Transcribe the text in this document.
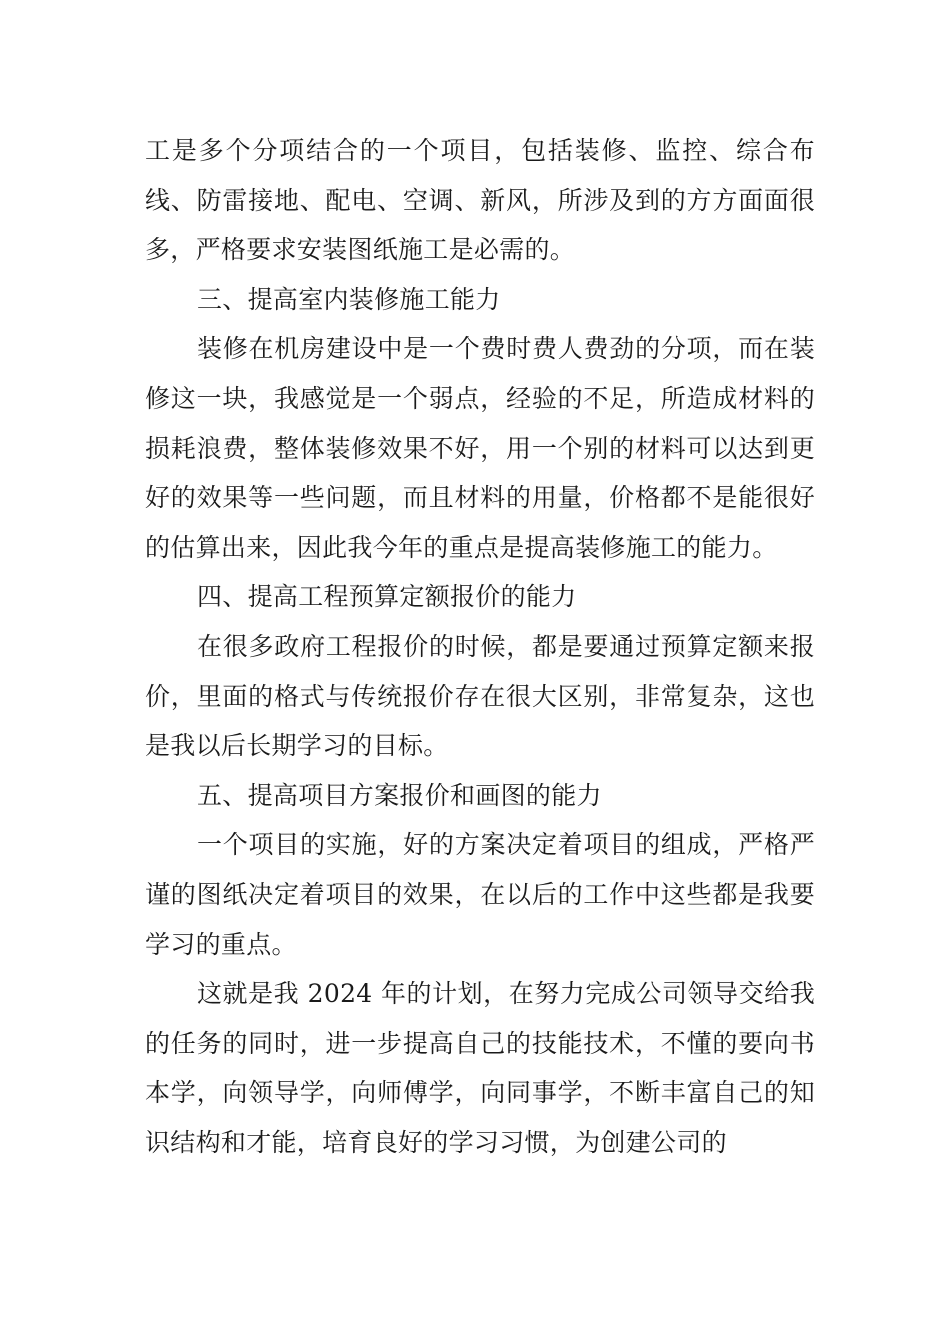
工是多个分项结合的一个项目，包括装修、监控、综合布线、防雷接地、配电、空调、新风，所涉及到的方方面面很多，严格要求安装图纸施工是必需的。

三、提高室内装修施工能力

装修在机房建设中是一个费时费人费劲的分项，而在装修这一块，我感觉是一个弱点，经验的不足，所造成材料的损耗浪费，整体装修效果不好，用一个别的材料可以达到更好的效果等一些问题，而且材料的用量，价格都不是能很好的估算出来，因此我今年的重点是提高装修施工的能力。

四、提高工程预算定额报价的能力

在很多政府工程报价的时候，都是要通过预算定额来报价，里面的格式与传统报价存在很大区别，非常复杂，这也是我以后长期学习的目标。

五、提高项目方案报价和画图的能力

一个项目的实施，好的方案决定着项目的组成，严格严谨的图纸决定着项目的效果，在以后的工作中这些都是我要学习的重点。

这就是我 2024 年的计划，在努力完成公司领导交给我的任务的同时，进一步提高自己的技能技术，不懂的要向书本学，向领导学，向师傅学，向同事学，不断丰富自己的知识结构和才能，培育良好的学习习惯，为创建公司的
